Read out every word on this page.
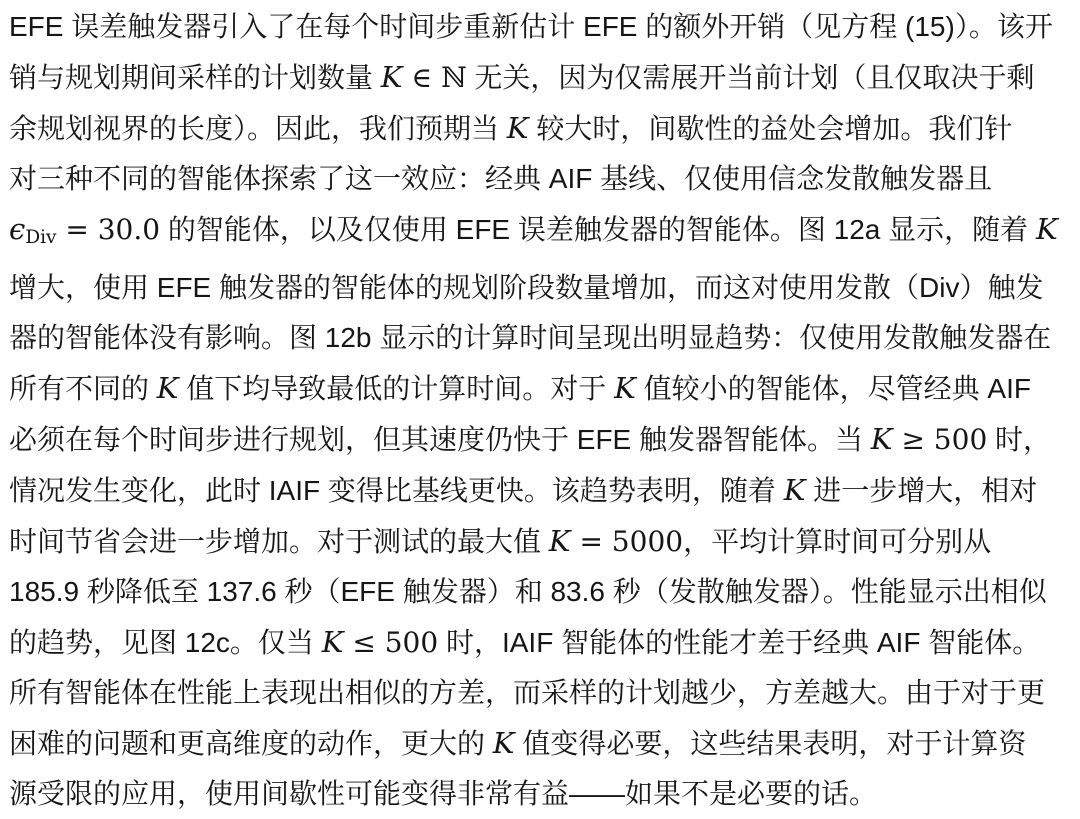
EFE 误差触发器引入了在每个时间步重新估计 EFE 的额外开销（见方程 (15)）。该开
销与规划期间采样的计划数量 K ∈ ℕ 无关，因为仅需展开当前计划（且仅取决于剩
余规划视界的长度）。因此，我们预期当 K 较大时，间歇性的益处会增加。我们针
对三种不同的智能体探索了这一效应：经典 AIF 基线、仅使用信念发散触发器且
ϵDiv = 30.0 的智能体，以及仅使用 EFE 误差触发器的智能体。图 12a 显示，随着 K
增大，使用 EFE 触发器的智能体的规划阶段数量增加，而这对使用发散（Div）触发
器的智能体没有影响。图 12b 显示的计算时间呈现出明显趋势：仅使用发散触发器在
所有不同的 K 值下均导致最低的计算时间。对于 K 值较小的智能体，尽管经典 AIF
必须在每个时间步进行规划，但其速度仍快于 EFE 触发器智能体。当 K ≥ 500 时，
情况发生变化，此时 IAIF 变得比基线更快。该趋势表明，随着 K 进一步增大，相对
时间节省会进一步增加。对于测试的最大值 K = 5000，平均计算时间可分别从
185.9 秒降低至 137.6 秒（EFE 触发器）和 83.6 秒（发散触发器）。性能显示出相似
的趋势，见图 12c。仅当 K ≤ 500 时，IAIF 智能体的性能才差于经典 AIF 智能体。
所有智能体在性能上表现出相似的方差，而采样的计划越少，方差越大。由于对于更
困难的问题和更高维度的动作，更大的 K 值变得必要，这些结果表明，对于计算资
源受限的应用，使用间歇性可能变得非常有益——如果不是必要的话。
